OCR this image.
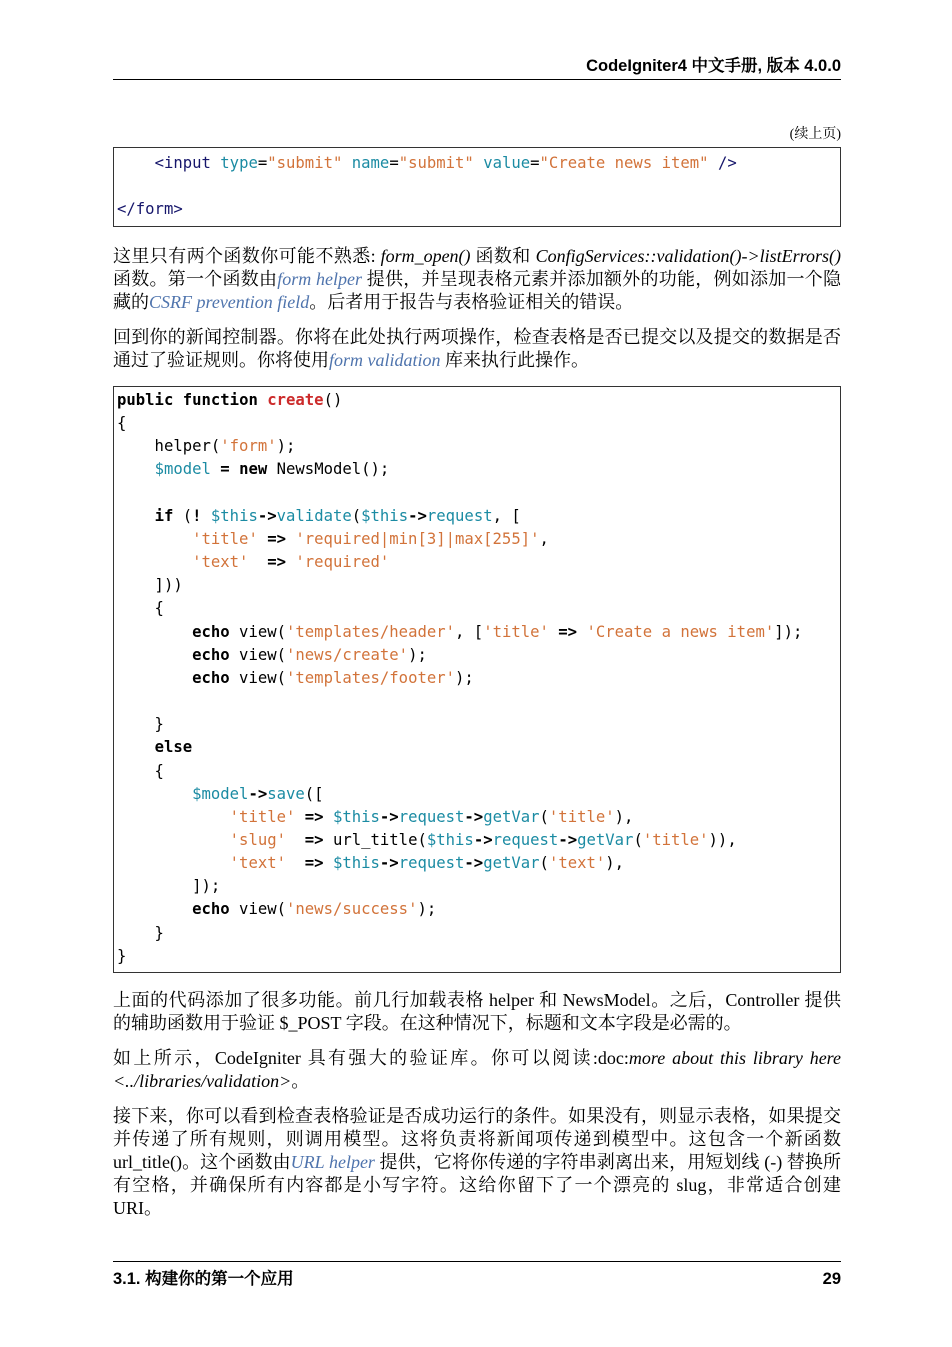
CodeIgniter4 中文手册, 版本 4.0.0
(续上页)
<input type="submit" name="submit" value="Create news item" />
</form>

这里只有两个函数你可能不熟悉: form_open() 函数和 ConfigServices::validation()->listErrors() 函数。第一个函数由form helper 提供，并呈现表格元素并添加额外的功能，例如添加一个隐藏的CSRF prevention field。后者用于报告与表格验证相关的错误。

回到你的新闻控制器。你将在此处执行两项操作，检查表格是否已提交以及提交的数据是否通过了验证规则。你将使用form validation 库来执行此操作。

public function create()
{
helper('form');
$model = new NewsModel();
if (! $this->validate($this->request, [
'title' => 'required|min[3]|max[255]',
'text' => 'required'
]))
{
echo view('templates/header', ['title' => 'Create a news item']);
echo view('news/create');
echo view('templates/footer');
}
else
{
$model->save([
'title' => $this->request->getVar('title'),
'slug' => url_title($this->request->getVar('title')),
'text' => $this->request->getVar('text'),
]);
echo view('news/success');
}
}

上面的代码添加了很多功能。前几行加载表格 helper 和 NewsModel。之后，Controller 提供的辅助函数用于验证 $_POST 字段。在这种情况下，标题和文本字段是必需的。

如上所示，CodeIgniter 具有强大的验证库。你可以阅读:doc:more about this library here <../libraries/validation>。

接下来，你可以看到检查表格验证是否成功运行的条件。如果没有，则显示表格，如果提交并传递了所有规则，则调用模型。这将负责将新闻项传递到模型中。这包含一个新函数 url_title()。这个函数由URL helper 提供，它将你传递的字符串剥离出来，用短划线 (-) 替换所有空格，并确保所有内容都是小写字符。这给你留下了一个漂亮的 slug，非常适合创建 URI。

3.1. 构建你的第一个应用	29
